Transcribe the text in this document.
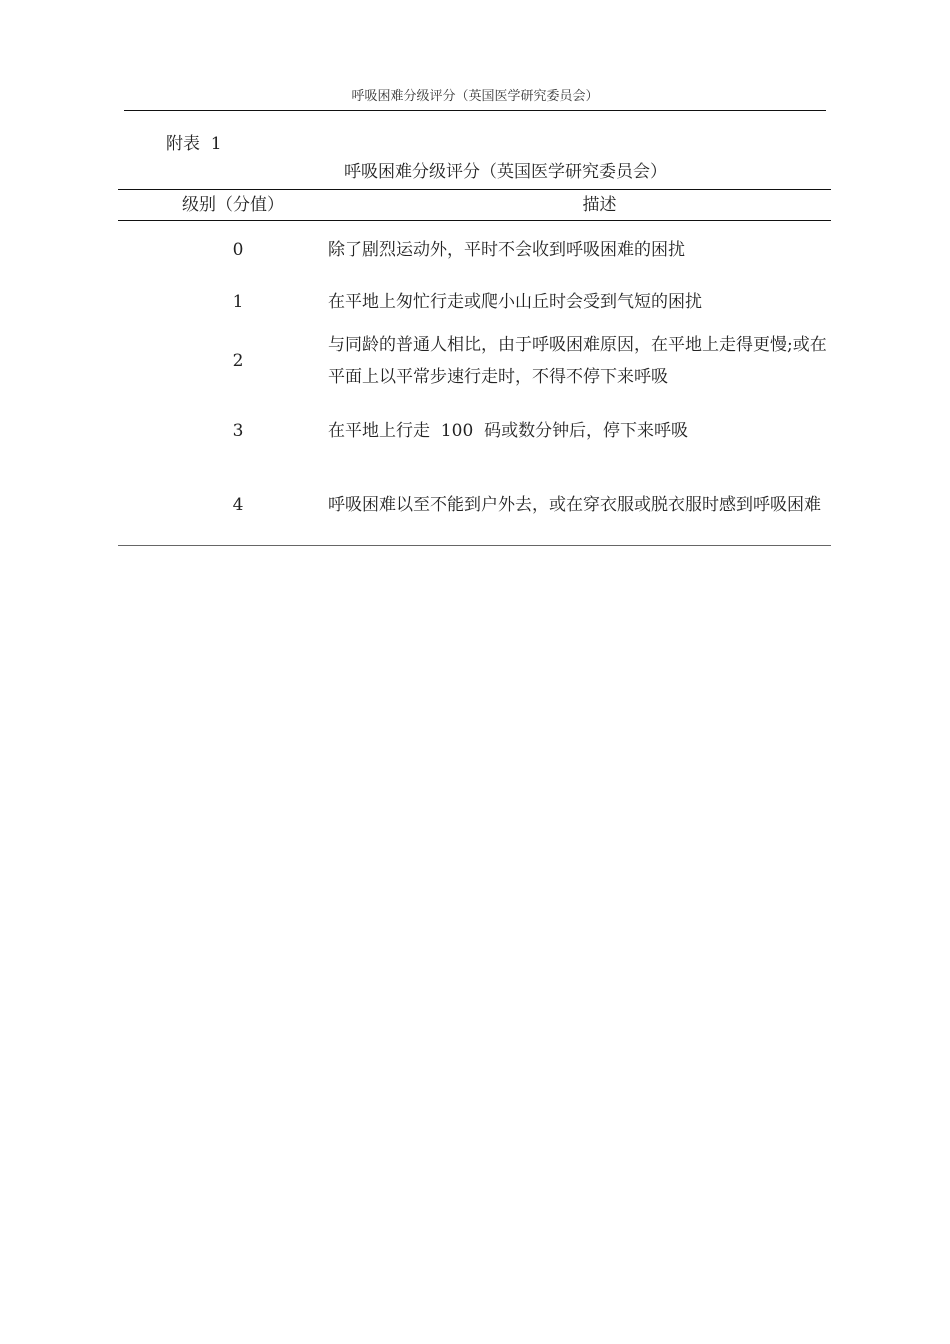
呼吸困难分级评分（英国医学研究委员会）
附表  1
呼吸困难分级评分（英国医学研究委员会）
级别（分值）	描述
0	除了剧烈运动外，平时不会收到呼吸困难的困扰

1	在平地上匆忙行走或爬小山丘时会受到气短的困扰

2	与同龄的普通人相比，由于呼吸困难原因，在平地上走得更慢;或在平面上以平常步速行走时，不得不停下来呼吸

3	在平地上行走  100  码或数分钟后，停下来呼吸

4	呼吸困难以至不能到户外去，或在穿衣服或脱衣服时感到呼吸困难
